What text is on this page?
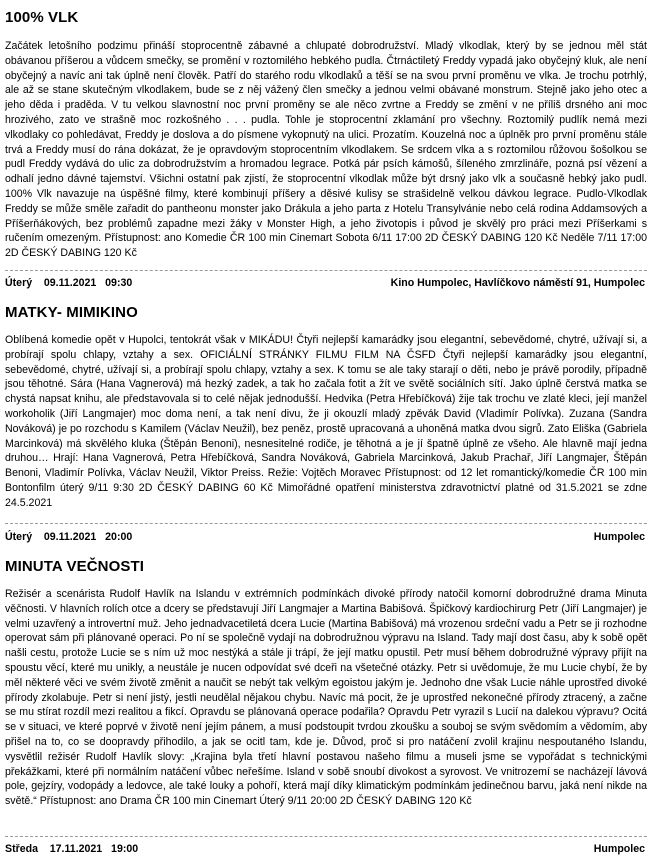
100% VLK

Začátek letošního podzimu přináší stoprocentně zábavné a chlupaté dobrodružství. Mladý vlkodlak, který by se jednou měl stát obávanou příšerou a vůdcem smečky, se promění v roztomilého hebkého pudla. Čtrnáctiletý Freddy vypadá jako obyčejný kluk, ale není obyčejný a navíc ani tak úplně není člověk. Patří do starého rodu vlkodlaků a těší se na svou první proměnu ve vlka. Je trochu potrhlý, ale až se stane skutečným vlkodlakem, bude se z něj vážený člen smečky a jednou velmi obávané monstrum. Stejně jako jeho otec a jeho děda i praděda. V tu velkou slavnostní noc první proměny se ale něco zvrtne a Freddy se změní v ne příliš drsného ani moc hrozivého, zato ve strašně moc rozkošného . . . pudla. Tohle je stoprocentní zklamání pro všechny. Roztomilý pudlík nemá mezi vlkodlaky co pohledávat, Freddy je doslova a do písmene vykopnutý na ulici. Prozatím. Kouzelná noc a úplněk pro první proměnu stále trvá a Freddy musí do rána dokázat, že je opravdovým stoprocentním vlkodlakem. Se srdcem vlka a s roztomilou růžovou šošolkou se pudl Freddy vydává do ulic za dobrodružstvím a hromadou legrace. Potká pár psích kámošů, šíleného zmrzlináře, pozná psí vězení a odhalí jedno dávné tajemství. Všichni ostatní pak zjistí, že stoprocentní vlkodlak může být drsný jako vlk a současně hebký jako pudl. 100% Vlk navazuje na úspěšné filmy, které kombinují příšery a děsivé kulisy se strašidelně velkou dávkou legrace. Pudlo-Vlkodlak Freddy se může směle zařadit do pantheonu monster jako Drákula a jeho parta z Hotelu Transylvánie nebo celá rodina Addamsových a Příšerňákových, bez problémů zapadne mezi žáky v Monster High, a jeho životopis i původ je skvělý pro práci mezi Příšerkami s ručením omezeným. Přístupnost: ano Komedie ČR 100 min Cinemart Sobota 6/11 17:00 2D ČESKÝ DABING 120 Kč Neděle 7/11 17:00 2D ČESKÝ DABING 120 Kč

Úterý 09.11.2021 09:30	Kino Humpolec, Havlíčkovo náměstí 91, Humpolec
MATKY- MIMIKINO

Oblíbená komedie opět v Hupolci, tentokrát však v MIKÁDU! Čtyři nejlepší kamarádky jsou elegantní, sebevědomé, chytré, užívají si, a probírají spolu chlapy, vztahy a sex. OFICIÁLNÍ STRÁNKY FILMU FILM NA ČSFD Čtyři nejlepší kamarádky jsou elegantní, sebevědomé, chytré, užívají si, a probírají spolu chlapy, vztahy a sex. K tomu se ale taky starají o děti, nebo je právě porodily, případně jsou těhotné. Sára (Hana Vagnerová) má hezký zadek, a tak ho začala fotit a žít ve světě sociálních sítí. Jako úplně čerstvá matka se chystá napsat knihu, ale představovala si to celé nějak jednodušší. Hedvika (Petra Hřebíčková) žije tak trochu ve zlaté kleci, její manžel workoholik (Jiří Langmajer) moc doma není, a tak není divu, že ji okouzlí mladý zpěvák David (Vladimír Polívka). Zuzana (Sandra Nováková) je po rozchodu s Kamilem (Václav Neužil), bez peněz, prostě upracovaná a uhoněná matka dvou sigrů. Zato Eliška (Gabriela Marcinková) má skvělého kluka (Štěpán Benoni), nesnesitelné rodiče, je těhotná a je jí špatně úplně ze všeho. Ale hlavně mají jedna druhou… Hrají: Hana Vagnerová, Petra Hřebíčková, Sandra Nováková, Gabriela Marcinková, Jakub Prachař, Jiří Langmajer, Štěpán Benoni, Vladimír Polívka, Václav Neužil, Viktor Preiss. Režie: Vojtěch Moravec Přístupnost: od 12 let romantický/komedie ČR 100 min Bontonfilm úterý 9/11 9:30 2D ČESKÝ DABING 60 Kč Mimořádné opatření ministerstva zdravotnictví platné od 31.5.2021 se zdne 24.5.2021

Úterý 09.11.2021 20:00	Humpolec
MINUTA VEČNOSTI

Režisér a scenárista Rudolf Havlík na Islandu v extrémních podmínkách divoké přírody natočil komorní dobrodružné drama Minuta věčnosti. V hlavních rolích otce a dcery se představují Jiří Langmajer a Martina Babišová. Špičkový kardiochirurg Petr (Jiří Langmajer) je velmi uzavřený a introvertní muž. Jeho jednadvacetiletá dcera Lucie (Martina Babišová) má vrozenou srdeční vadu a Petr se ji rozhodne operovat sám při plánované operaci. Po ní se společně vydají na dobrodružnou výpravu na Island. Tady mají dost času, aby k sobě opět našli cestu, protože Lucie se s ním už moc nestýká a stále ji trápí, že její matku opustil. Petr musí během dobrodružné výpravy přijít na spoustu věcí, které mu unikly, a neustále je nucen odpovídat své dceři na všetečné otázky. Petr si uvědomuje, že mu Lucie chybí, že by měl některé věci ve svém životě změnit a naučit se nebýt tak velkým egoistou jakým je. Jednoho dne však Lucie náhle uprostřed divoké přírody zkolabuje. Petr si není jistý, jestli neudělal nějakou chybu. Navíc má pocit, že je uprostřed nekonečné přírody ztracený, a začne se mu stírat rozdíl mezi realitou a fikcí. Opravdu se plánovaná operace podařila? Opravdu Petr vyrazil s Lucií na dalekou výpravu? Ocitá se v situaci, ve které poprvé v životě není jejím pánem, a musí podstoupit tvrdou zkoušku a souboj se svým svědomím a vědomím, aby přišel na to, co se doopravdy přihodilo, a jak se ocitl tam, kde je. Důvod, proč si pro natáčení zvolil krajinu nespoutaného Islandu, vysvětlil režisér Rudolf Havlík slovy: „Krajina byla třetí hlavní postavou našeho filmu a museli jsme se vypořádat s technickými překážkami, které při normálním natáčení vůbec neřešíme. Island v sobě snoubí divokost a syrovost. Ve vnitrozemí se nacházejí lávová pole, gejzíry, vodopády a ledovce, ale také louky a pohoří, která mají díky klimatickým podmínkám jedinečnou barvu, jaká není nikde na světě.“ Přístupnost: ano Drama ČR 100 min Cinemart Úterý 9/11 20:00 2D ČESKÝ DABING 120 Kč

Středa 17.11.2021 19:00	Humpolec
